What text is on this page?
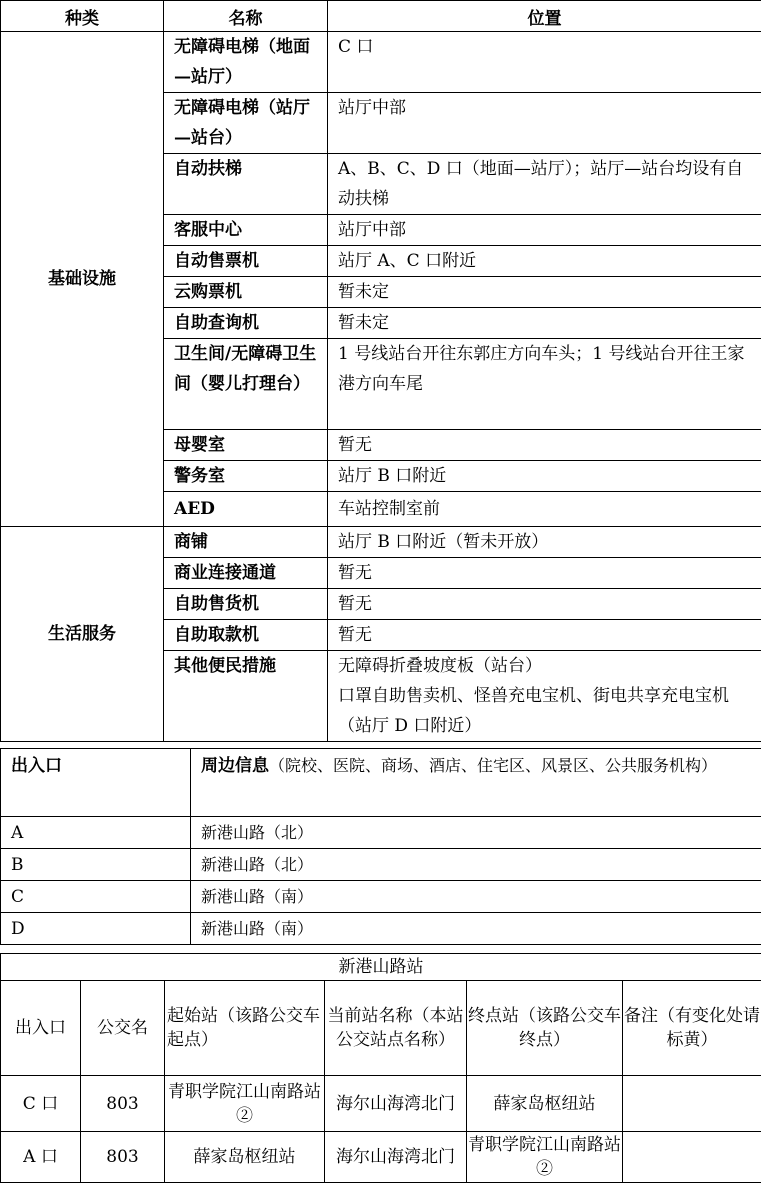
种类	名称	位置
基础设施	无障碍电梯（地面—站厅）	C 口
	无障碍电梯（站厅—站台）	站厅中部
	自动扶梯	A、B、C、D 口（地面—站厅）；站厅—站台均设有自动扶梯
	客服中心	站厅中部
	自动售票机	站厅 A、C 口附近
	云购票机	暂未定
	自助查询机	暂未定
	卫生间/无障碍卫生间（婴儿打理台）	1 号线站台开往东郭庄方向车头；1 号线站台开往王家港方向车尾
	母婴室	暂无
	警务室	站厅 B 口附近
	AED	车站控制室前
生活服务	商铺	站厅 B 口附近（暂未开放）
	商业连接通道	暂无
	自助售货机	暂无
	自助取款机	暂无
	其他便民措施	无障碍折叠坡度板（站台）
口罩自助售卖机、怪兽充电宝机、街电共享充电宝机（站厅 D 口附近）
出入口	周边信息（院校、医院、商场、酒店、住宅区、风景区、公共服务机构）
A	新港山路（北）
B	新港山路（北）
C	新港山路（南）
D	新港山路（南）
新港山路站					
出入口	公交名	起始站（该路公交车起点）	当前站名称（本站公交站点名称）	终点站（该路公交车终点）	备注（有变化处请标黄）
C 口	803	青职学院江山南路站②	海尔山海湾北门	薛家岛枢纽站	
A 口	803	薛家岛枢纽站	海尔山海湾北门	青职学院江山南路站②	
